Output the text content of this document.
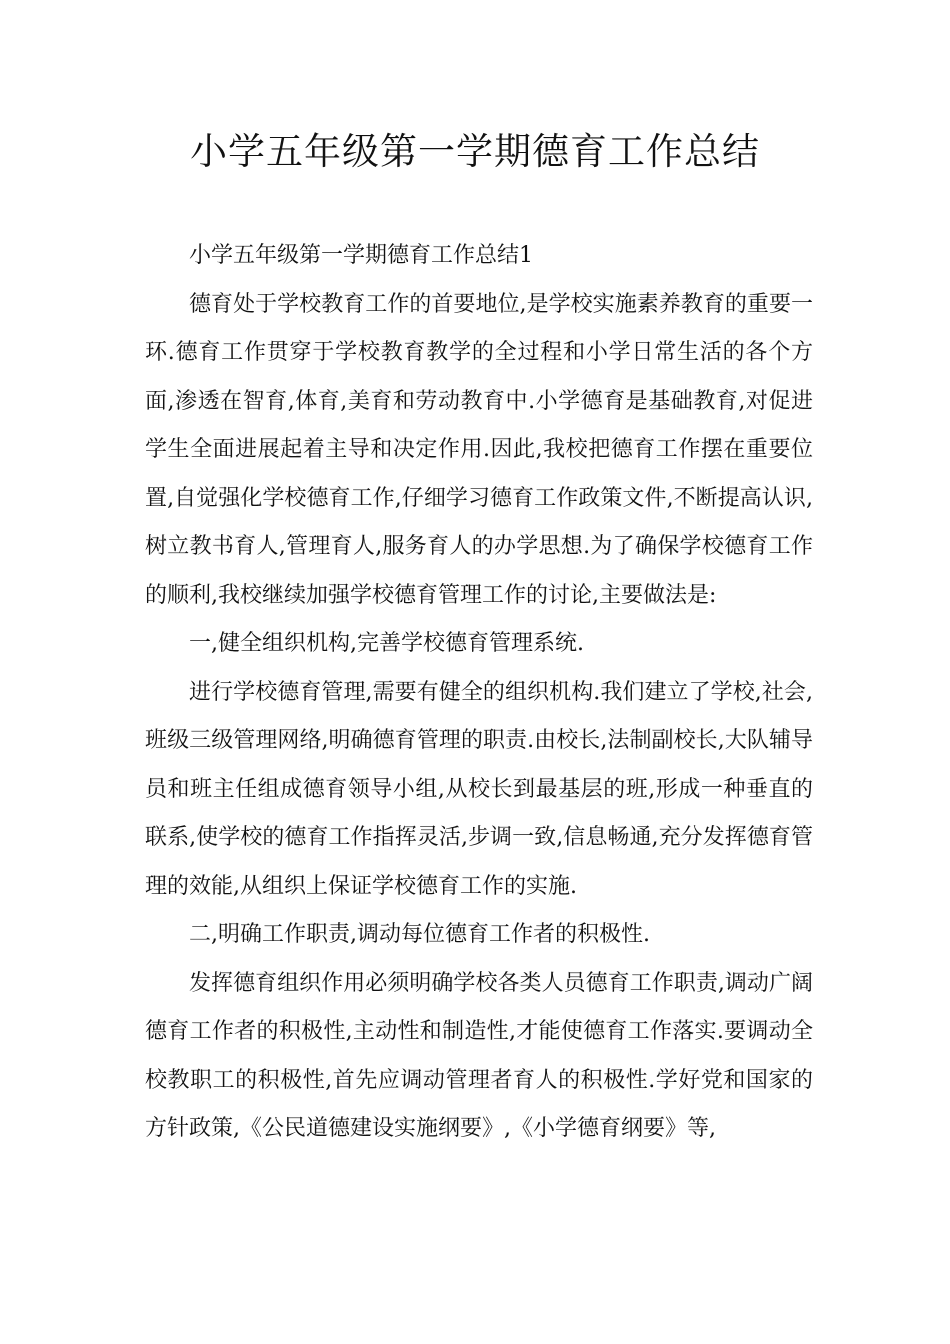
小学五年级第一学期德育工作总结

小学五年级第一学期德育工作总结1

德育处于学校教育工作的首要地位,是学校实施素养教育的重要一环.德育工作贯穿于学校教育教学的全过程和小学日常生活的各个方面,渗透在智育,体育,美育和劳动教育中.小学德育是基础教育,对促进学生全面进展起着主导和决定作用.因此,我校把德育工作摆在重要位置,自觉强化学校德育工作,仔细学习德育工作政策文件,不断提高认识,树立教书育人,管理育人,服务育人的办学思想.为了确保学校德育工作的顺利,我校继续加强学校德育管理工作的讨论,主要做法是:

一,健全组织机构,完善学校德育管理系统.

进行学校德育管理,需要有健全的组织机构.我们建立了学校,社会,班级三级管理网络,明确德育管理的职责.由校长,法制副校长,大队辅导员和班主任组成德育领导小组,从校长到最基层的班,形成一种垂直的联系,使学校的德育工作指挥灵活,步调一致,信息畅通,充分发挥德育管理的效能,从组织上保证学校德育工作的实施.

二,明确工作职责,调动每位德育工作者的积极性.

发挥德育组织作用必须明确学校各类人员德育工作职责,调动广阔德育工作者的积极性,主动性和制造性,才能使德育工作落实.要调动全校教职工的积极性,首先应调动管理者育人的积极性.学好党和国家的方针政策,《公民道德建设实施纲要》,《小学德育纲要》等,
